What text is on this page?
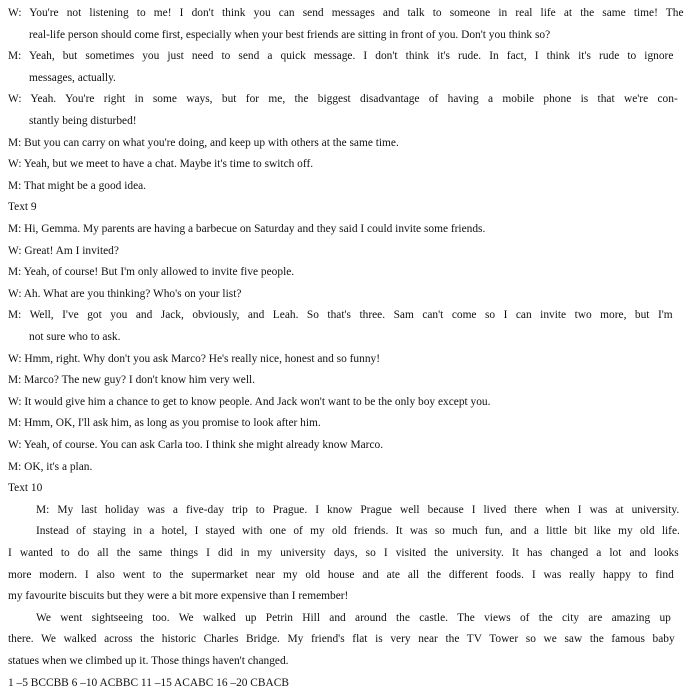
W: You're not listening to me! I don't think you can send messages and talk to someone in real life at the same time! The
real-life person should come first, especially when your best friends are sitting in front of you. Don't you think so?
M: Yeah, but sometimes you just need to send a quick message. I don't think it's rude. In fact, I think it's rude to ignore
messages, actually.
W: Yeah. You're right in some ways, but for me, the biggest disadvantage of having a mobile phone is that we're con-
stantly being disturbed!
M: But you can carry on what you're doing, and keep up with others at the same time.
W: Yeah, but we meet to have a chat. Maybe it's time to switch off.
M: That might be a good idea.
Text 9
M: Hi, Gemma. My parents are having a barbecue on Saturday and they said I could invite some friends.
W: Great! Am I invited?
M: Yeah, of course! But I'm only allowed to invite five people.
W: Ah. What are you thinking? Who's on your list?
M: Well, I've got you and Jack, obviously, and Leah. So that's three. Sam can't come so I can invite two more, but I'm
not sure who to ask.
W: Hmm, right. Why don't you ask Marco? He's really nice, honest and so funny!
M: Marco? The new guy? I don't know him very well.
W: It would give him a chance to get to know people. And Jack won't want to be the only boy except you.
M: Hmm, OK, I'll ask him, as long as you promise to look after him.
W: Yeah, of course. You can ask Carla too. I think she might already know Marco.
M: OK, it's a plan.
Text 10
M: My last holiday was a five-day trip to Prague. I know Prague well because I lived there when I was at university.
Instead of staying in a hotel, I stayed with one of my old friends. It was so much fun, and a little bit like my old life.
I wanted to do all the same things I did in my university days, so I visited the university. It has changed a lot and looks
more modern. I also went to the supermarket near my old house and ate all the different foods. I was really happy to find
my favourite biscuits but they were a bit more expensive than I remember!
We went sightseeing too. We walked up Petrin Hill and around the castle. The views of the city are amazing up
there. We walked across the historic Charles Bridge. My friend's flat is very near the TV Tower so we saw the famous baby
statues when we climbed up it. Those things haven't changed.
1 –5 BCCBB 6 –10 ACBBC 11 –15 ACABC 16 –20 CBACB
